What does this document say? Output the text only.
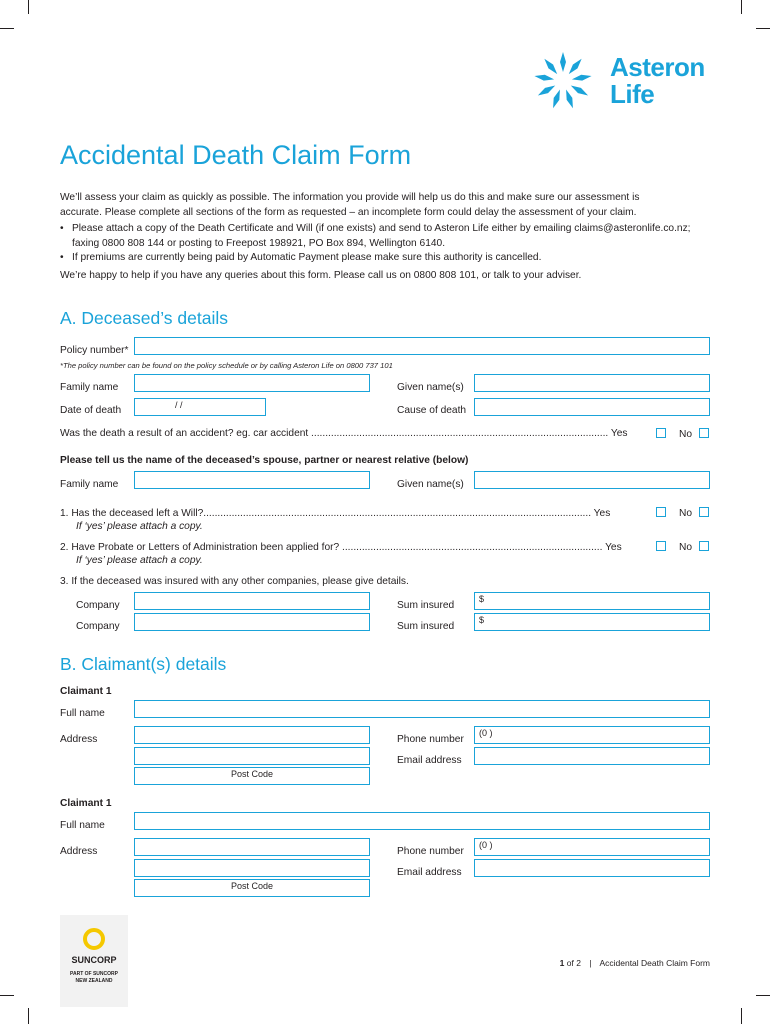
Asteron
Life
Accidental Death Claim Form

We’ll assess your claim as quickly as possible. The information you provide will help us do this and make sure our assessment is

accurate. Please complete all sections of the form as requested – an incomplete form could delay the assessment of your claim.

• Please attach a copy of the Death Certificate and Will (if one exists) and send to Asteron Life either by emailing claims@asteronlife.co.nz; faxing 0800 808 144 or posting to Freepost 198921, PO Box 894, Wellington 6140.
• If premiums are currently being paid by Automatic Payment please make sure this authority is cancelled.
We’re happy to help if you have any queries about this form. Please call us on 0800 808 101, or talk to your adviser.
A. Deceased’s details
Policy number*
*The policy number can be found on the policy schedule or by calling Asteron Life on 0800 737 101
Family name	Given name(s)
Date of death	/ /	Cause of death
Was the death a result of an accident? eg. car accident ......................................................................................................... Yes	No
Please tell us the name of the deceased’s spouse, partner or nearest relative (below)
Family name	Given name(s)
1. Has the deceased left a Will?......................................................................................................................................... Yes	No
If ‘yes’ please attach a copy.
2. Have Probate or Letters of Administration been applied for? ............................................................................................ Yes	No
If ‘yes’ please attach a copy.
3. If the deceased was insured with any other companies, please give details.
Company	Sum insured
$
Company	Sum insured
$
B. Claimant(s) details
Claimant 1
Full name
Address	Phone number
(0 )
Email address
Post Code
Claimant 1
Full name
Address	Phone number
(0 )
Email address
Post Code
SUNCORP
PART OF SUNCORP
NEW ZEALAND
1 of 2 | Accidental Death Claim Form
